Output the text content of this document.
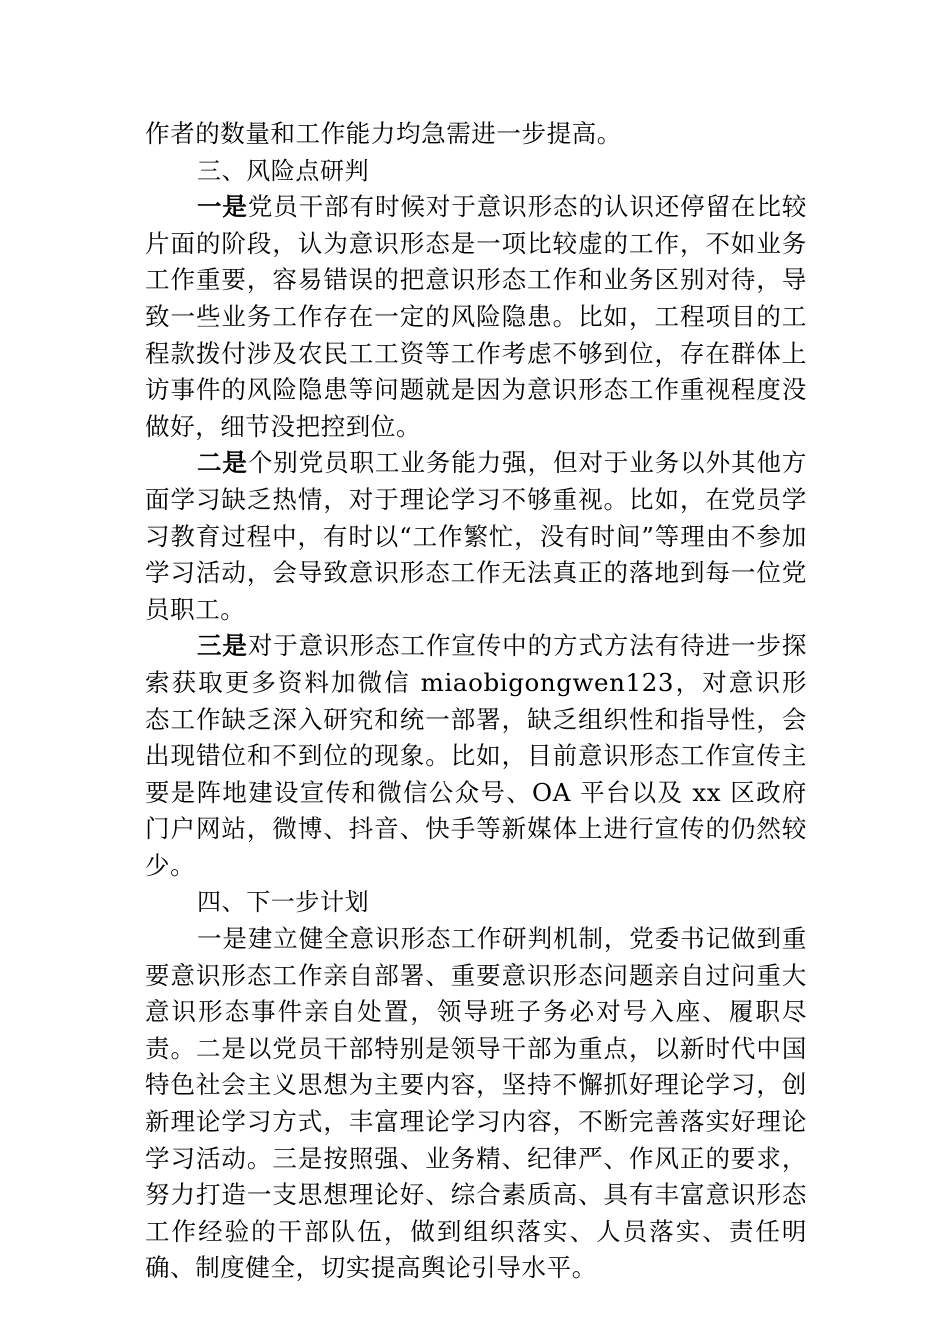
作者的数量和工作能力均急需进一步提高。

三、风险点研判

一是党员干部有时候对于意识形态的认识还停留在比较片面的阶段，认为意识形态是一项比较虚的工作，不如业务工作重要，容易错误的把意识形态工作和业务区别对待，导致一些业务工作存在一定的风险隐患。比如，工程项目的工程款拨付涉及农民工工资等工作考虑不够到位，存在群体上访事件的风险隐患等问题就是因为意识形态工作重视程度没做好，细节没把控到位。

二是个别党员职工业务能力强，但对于业务以外其他方面学习缺乏热情，对于理论学习不够重视。比如，在党员学习教育过程中，有时以“工作繁忙，没有时间”等理由不参加学习活动，会导致意识形态工作无法真正的落地到每一位党员职工。

三是对于意识形态工作宣传中的方式方法有待进一步探索获取更多资料加微信 miaobigongwen123，对意识形态工作缺乏深入研究和统一部署，缺乏组织性和指导性，会出现错位和不到位的现象。比如，目前意识形态工作宣传主要是阵地建设宣传和微信公众号、OA 平台以及 xx 区政府门户网站，微博、抖音、快手等新媒体上进行宣传的仍然较少。

四、下一步计划

一是建立健全意识形态工作研判机制，党委书记做到重要意识形态工作亲自部署、重要意识形态问题亲自过问重大意识形态事件亲自处置，领导班子务必对号入座、履职尽责。二是以党员干部特别是领导干部为重点，以新时代中国特色社会主义思想为主要内容，坚持不懈抓好理论学习，创新理论学习方式，丰富理论学习内容，不断完善落实好理论学习活动。三是按照强、业务精、纪律严、作风正的要求，努力打造一支思想理论好、综合素质高、具有丰富意识形态工作经验的干部队伍，做到组织落实、人员落实、责任明确、制度健全，切实提高舆论引导水平。
